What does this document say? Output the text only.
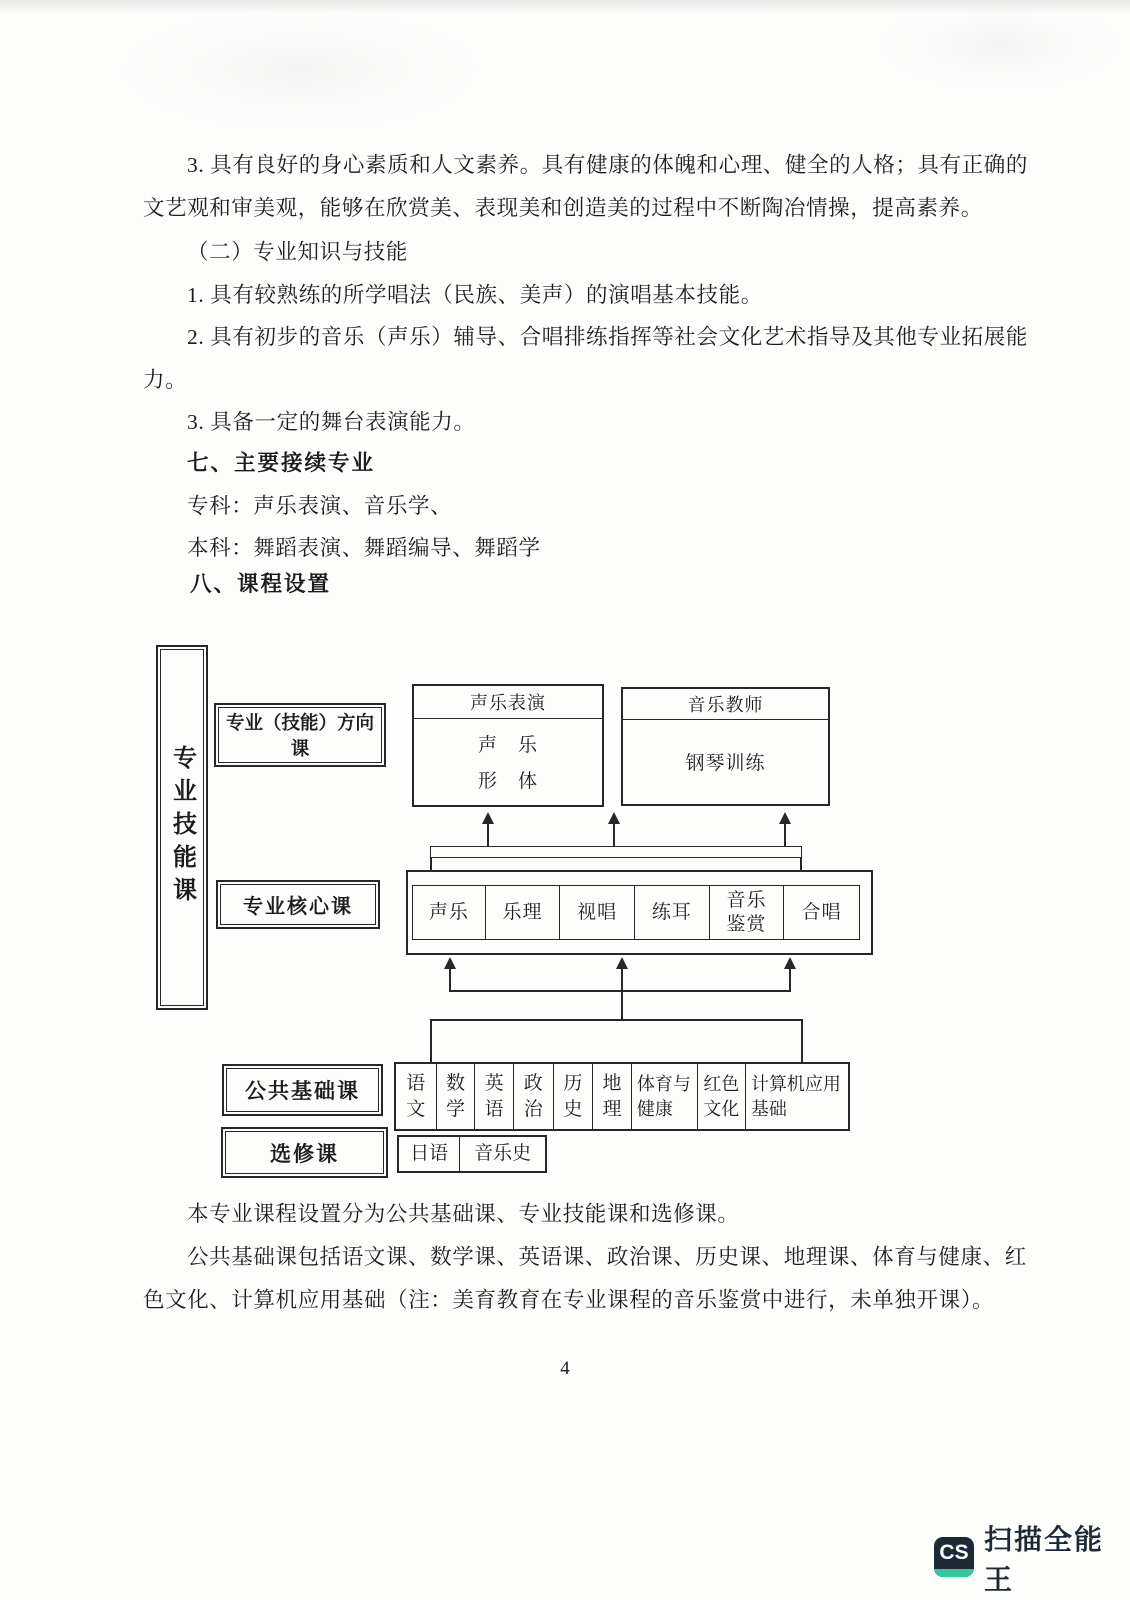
3. 具有良好的身心素质和人文素养。具有健康的体魄和心理、健全的人格；具有正确的
文艺观和审美观，能够在欣赏美、表现美和创造美的过程中不断陶冶情操，提高素养。
（二）专业知识与技能
1. 具有较熟练的所学唱法（民族、美声）的演唱基本技能。
2. 具有初步的音乐（声乐）辅导、合唱排练指挥等社会文化艺术指导及其他专业拓展能
力。
3. 具备一定的舞台表演能力。
七、主要接续专业
专科：声乐表演、音乐学、
本科：舞蹈表演、舞蹈编导、舞蹈学
八、课程设置
专业技能课
专业（技能）方向课
声乐表演
声　乐
形　体
音乐教师
钢琴训练
专业核心课	声乐 乐理 视唱 练耳
音乐
鉴赏
合唱
公共基础课 语
文
数
学
英
语
政
治
历
史
地
理
体育与
健康
红色
文化
计算机应用
基础
选修课	日语 音乐史
本专业课程设置分为公共基础课、专业技能课和选修课。
公共基础课包括语文课、数学课、英语课、政治课、历史课、地理课、体育与健康、红
色文化、计算机应用基础（注：美育教育在专业课程的音乐鉴赏中进行，未单独开课）。
4
CS 扫描全能王
